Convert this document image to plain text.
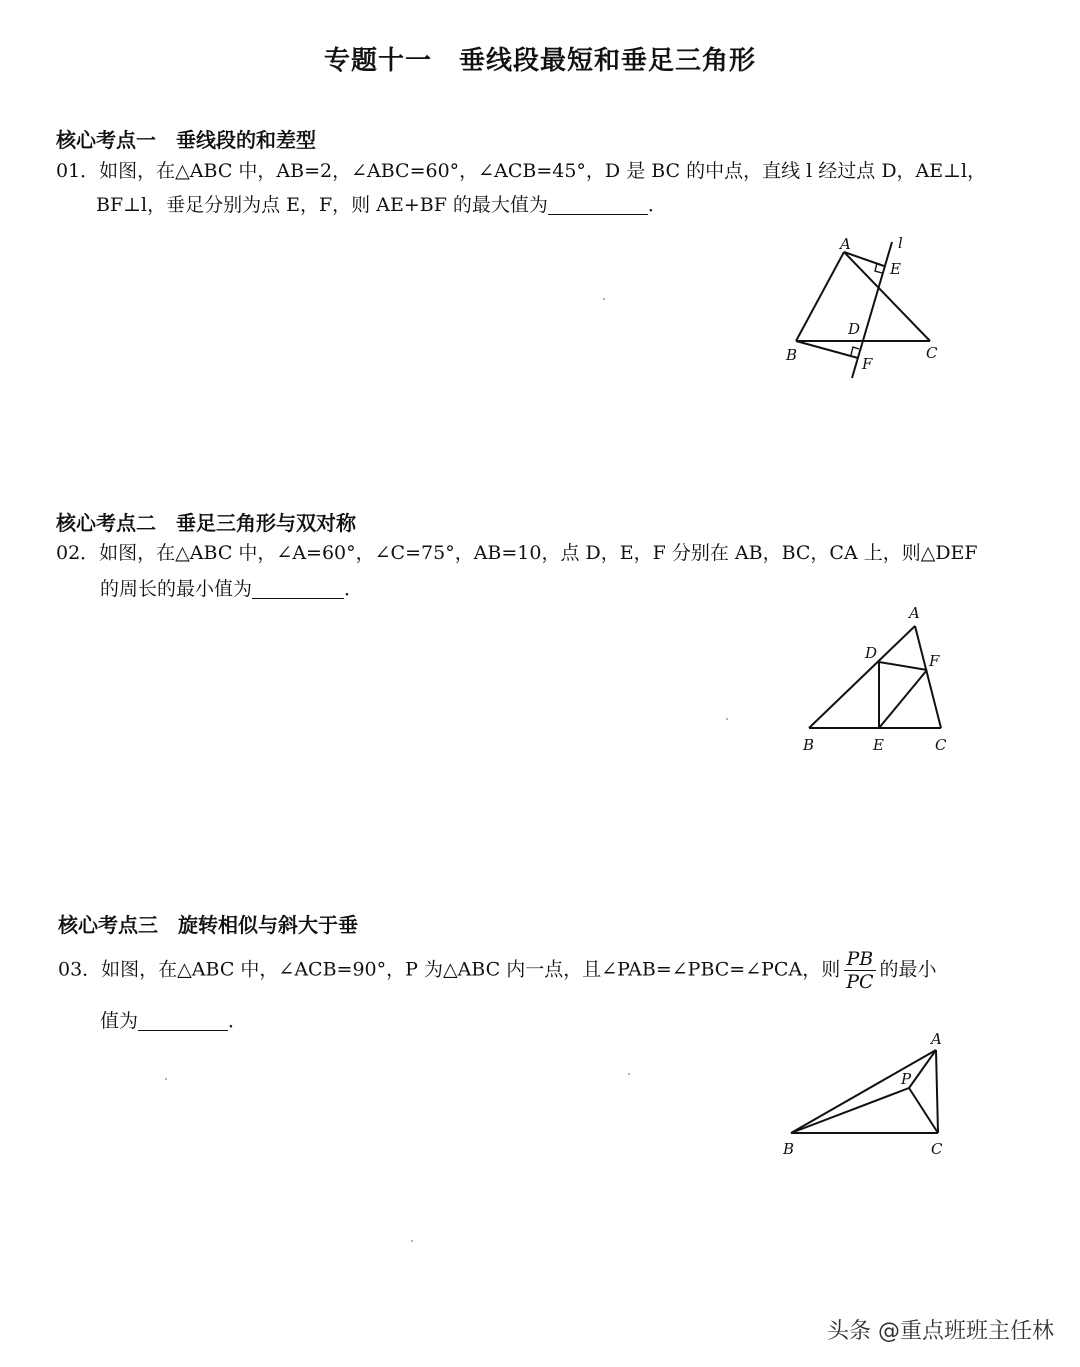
专题十一　垂线段最短和垂足三角形
核心考点一　垂线段的和差型
01．如图，在△ABC 中，AB=2，∠ABC=60°，∠ACB=45°，D 是 BC 的中点，直线 l 经过点 D，AE⊥l，
BF⊥l，垂足分别为点 E，F，则 AE+BF 的最大值为	．
A	l
E
D
B	C
F
核心考点二　垂足三角形与双对称
02．如图，在△ABC 中，∠A=60°，∠C=75°，AB=10，点 D，E，F 分别在 AB，BC，CA 上，则△DEF
的周长的最小值为	．
A
D	F
B	E	C
核心考点三　旋转相似与斜大于垂
03．如图，在△ABC 中，∠ACB=90°，P 为△ABC 内一点，且∠PAB=∠PBC=∠PCA，则 $\frac{PB}{PC}$ 的最小
值为	．
A
P
B	C
头条 @重点班班主任林
